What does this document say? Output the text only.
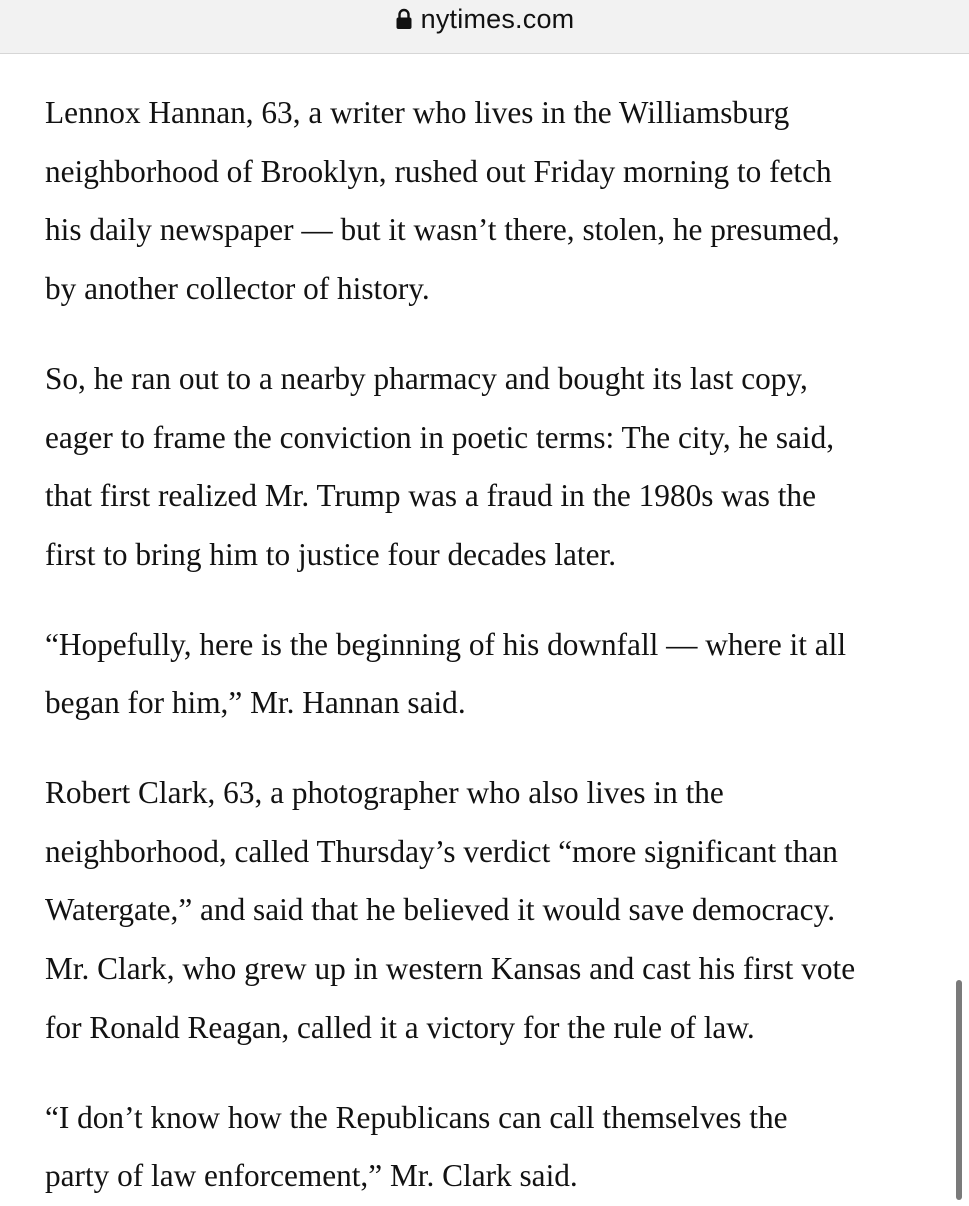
nytimes.com

Lennox Hannan, 63, a writer who lives in the Williamsburg
neighborhood of Brooklyn, rushed out Friday morning to fetch
his daily newspaper — but it wasn’t there, stolen, he presumed,
by another collector of history.

So, he ran out to a nearby pharmacy and bought its last copy,
eager to frame the conviction in poetic terms: The city, he said,
that first realized Mr. Trump was a fraud in the 1980s was the
first to bring him to justice four decades later.

“Hopefully, here is the beginning of his downfall — where it all
began for him,” Mr. Hannan said.

Robert Clark, 63, a photographer who also lives in the
neighborhood, called Thursday’s verdict “more significant than
Watergate,” and said that he believed it would save democracy.
Mr. Clark, who grew up in western Kansas and cast his first vote
for Ronald Reagan, called it a victory for the rule of law.

“I don’t know how the Republicans can call themselves the
party of law enforcement,” Mr. Clark said.
